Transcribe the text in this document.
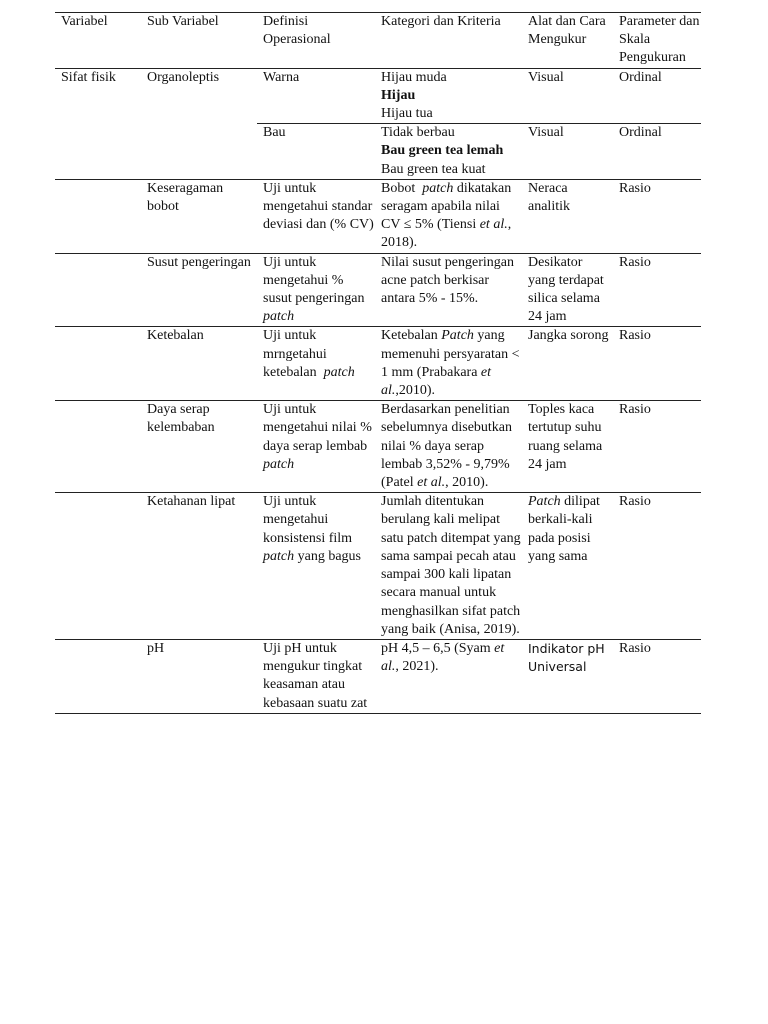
Variabel	Sub Variabel	Definisi Operasional	Kategori dan Kriteria	Alat dan Cara Mengukur	Parameter dan Skala Pengukuran
Sifat fisik	Organoleptis	Warna	Hijau muda
Hijau
Hijau tua	Visual	Ordinal
		Bau	Tidak berbau
Bau green tea lemah
Bau green tea kuat	Visual	Ordinal
	Keseragaman bobot	Uji untuk mengetahui standar deviasi dan (% CV)	Bobot patch dikatakan seragam apabila nilai CV ≤ 5% (Tiensi et al., 2018).	Neraca analitik	Rasio
	Susut pengeringan	Uji untuk mengetahui % susut pengeringan patch	Nilai susut pengeringan acne patch berkisar antara 5% - 15%.	Desikator yang terdapat silica selama 24 jam	Rasio
	Ketebalan	Uji untuk mrngetahui ketebalan patch	Ketebalan Patch yang memenuhi persyaratan < 1 mm (Prabakara et al.,2010).	Jangka sorong	Rasio
	Daya serap kelembaban	Uji untuk mengetahui nilai % daya serap lembab patch	Berdasarkan penelitian sebelumnya disebutkan nilai % daya serap lembab 3,52% - 9,79% (Patel et al., 2010).	Toples kaca tertutup suhu ruang selama 24 jam	Rasio
	Ketahanan lipat	Uji untuk mengetahui konsistensi film patch yang bagus	Jumlah ditentukan berulang kali melipat satu patch ditempat yang sama sampai pecah atau sampai 300 kali lipatan secara manual untuk menghasilkan sifat patch yang baik (Anisa, 2019).	Patch dilipat berkali-kali pada posisi yang sama	Rasio
	pH	Uji pH untuk mengukur tingkat keasaman atau kebasaan suatu zat	pH 4,5 – 6,5 (Syam et al., 2021).	Indikator pH Universal	Rasio
